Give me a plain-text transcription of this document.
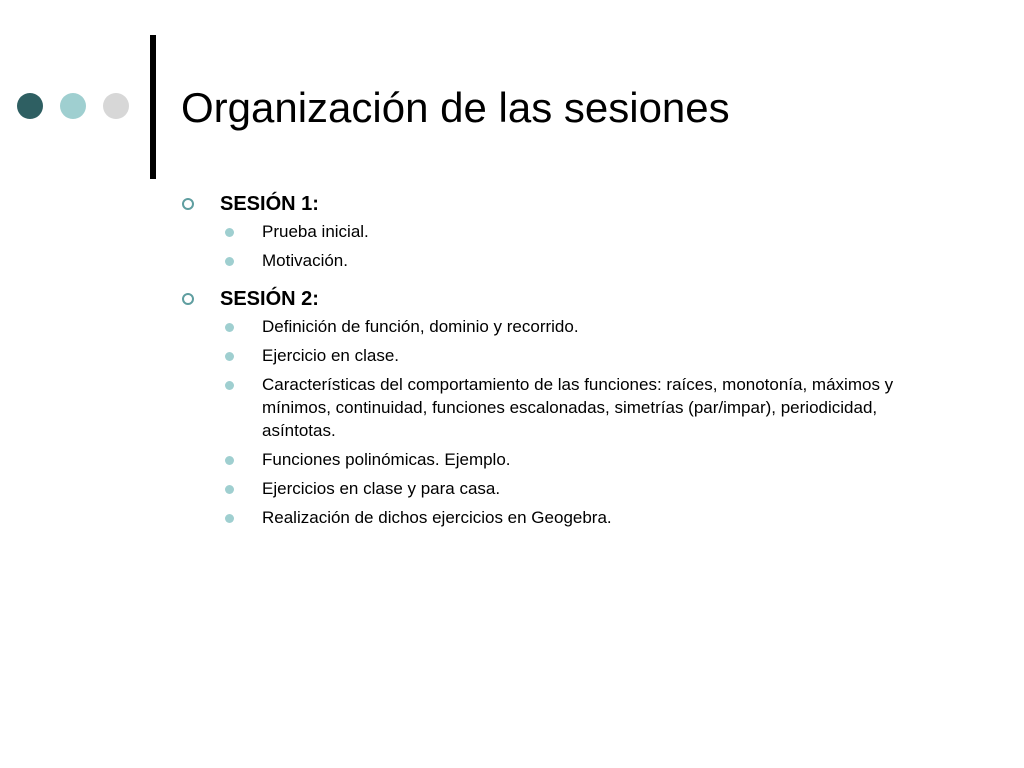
Organización de las sesiones

SESIÓN 1:

Prueba inicial.
Motivación.

SESIÓN 2:

Definición de función, dominio y recorrido.
Ejercicio en clase.
Características del comportamiento de las funciones: raíces, monotonía, máximos y mínimos, continuidad, funciones escalonadas, simetrías (par/impar), periodicidad, asíntotas.
Funciones polinómicas. Ejemplo.
Ejercicios en clase y para casa.
Realización de dichos ejercicios en Geogebra.
